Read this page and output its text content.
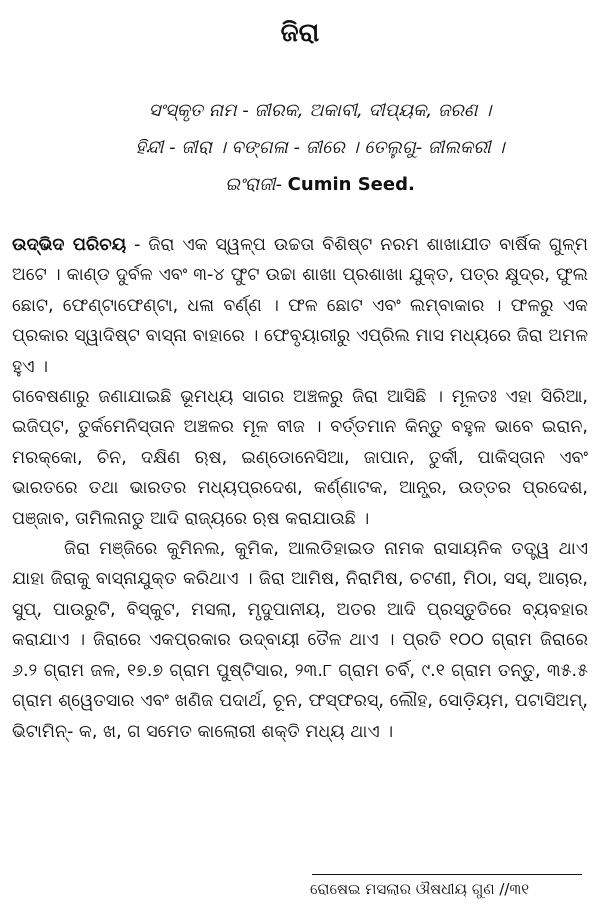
ଜିରା
ସଂସ୍କୃତ ନାମ - ଜୀରକ, ଅକାବୀ, ଦୀପ୍ୟକ, ଜରଣ ।
ହିନ୍ଦୀ - ଜୀରା । ବଙ୍ଗଳା - ଜୀରେ । ତେଲୁଗୁ- ଜୀଲକରୀ ।
ଇଂରାଜୀ- Cumin Seed.

ଉଦ୍ଭିଦ ପରିଚୟ - ଜିରା ଏକ ସ୍ୱଳ୍ପ ଉଚ୍ଚତା ବିଶିଷ୍ଟ ନରମ ଶାଖାଯୀତ ବାର୍ଷିକ ଗୁଳ୍ମ ଅଟେ । କାଣ୍ଡ ଦୁର୍ବଳ ଏବଂ ୩-୪ ଫୁଟ ଉଚ୍ଚା ଶାଖା ପ୍ରଶାଖା ଯୁକ୍ତ, ପତ୍ର କ୍ଷୁଦ୍ର, ଫୁଲ ଛୋଟ, ଫେଣ୍ଟାଫେଣ୍ଟା, ଧଳା ବର୍ଣ୍ଣ । ଫଳ ଛୋଟ ଏବଂ ଲମ୍ବାକାର । ଫଳରୁ ଏକ ପ୍ରକାର ସ୍ୱାଦିଷ୍ଟ ବାସ୍ନା ବାହାରେ । ଫେବୃୟାରୀରୁ ଏପ୍ରିଲ ମାସ ମଧ୍ୟରେ ଜିରା ଅମଳ ହୁଏ ।

ଗବେଷଣାରୁ ଜଣାଯାଇଛି ଭୂମଧ୍ୟ ସାଗର ଅଞ୍ଚଳରୁ ଜିରା ଆସିଛି । ମୂଳତଃ ଏହା ସିରିଆ, ଇଜିପ୍ଟ, ତୁର୍କମେନିସ୍ତାନ ଅଞ୍ଚଳର ମୂଳ ବୀଜ । ବର୍ତ୍ତମାନ କିନ୍ତୁ ବହୁଳ ଭାବେ ଇରାନ, ମରକ୍କୋ, ଚିନ, ଦକ୍ଷିଣ ଋଷ, ଇଣ୍ଡୋନେସିଆ, ଜାପାନ, ତୁର୍କୀ, ପାକିସ୍ତାନ ଏବଂ ଭାରତରେ ତଥା ଭାରତର ମଧ୍ୟପ୍ରଦେଶ, କର୍ଣ୍ଣାଟକ, ଆନ୍ଧ୍ର, ଉତ୍ତର ପ୍ରଦେଶ, ପଞ୍ଜାବ, ତାମିଲନାଡୁ ଆଦି ରାଜ୍ୟରେ ଋଷ କରାଯାଉଛି ।

ଜିରା ମଞ୍ଜିରେ କୁମିନଲ, କୁମିକ, ଆଲଡିହାଇଡ ନାମକ ରାସାୟନିକ ତତ୍ତ୍ୱ ଥାଏ ଯାହା ଜିରାକୁ ବାସ୍ନାଯୁକ୍ତ କରିଥାଏ । ଜିରା ଆମିଷ, ନିରାମିଷ, ଚଟଣୀ, ମିଠା, ସସ୍, ଆଚାର, ସୁପ୍, ପାଉରୁଟି, ବିସ୍କୁଟ, ମସଲା, ମୃଦୁପାନୀୟ, ଅତର ଆଦି ପ୍ରସ୍ତୁତିରେ ବ୍ୟବହାର କରାଯାଏ । ଜିରାରେ ଏକପ୍ରକାର ଉଦ୍‌ବାୟୀ ତୈଳ ଥାଏ । ପ୍ରତି ୧୦୦ ଗ୍ରାମ ଜିରାରେ ୬.୨ ଗ୍ରାମ ଜଳ, ୧୭.୭ ଗ୍ରାମ ପୁଷ୍ଟିସାର, ୨୩.୮ ଗ୍ରାମ ଚର୍ବି, ୯.୧ ଗ୍ରାମ ତନ୍ତୁ, ୩୫.୫ ଗ୍ରାମ ଶ୍ୱେତସାର ଏବଂ ଖଣିଜ ପଦାର୍ଥ, ଚୂନ, ଫସ୍‌ଫରସ୍, ଲୌହ, ସୋଡ଼ିୟମ, ପଟାସିଅମ୍, ଭିଟାମିନ୍- କ, ଖ, ଗ ସମେତ କାଲୋରୀ ଶକ୍ତି ମଧ୍ୟ ଥାଏ ।

ରୋଷେଇ ମସଲାର ଔଷଧୀୟ ଗୁଣ //୩୧
